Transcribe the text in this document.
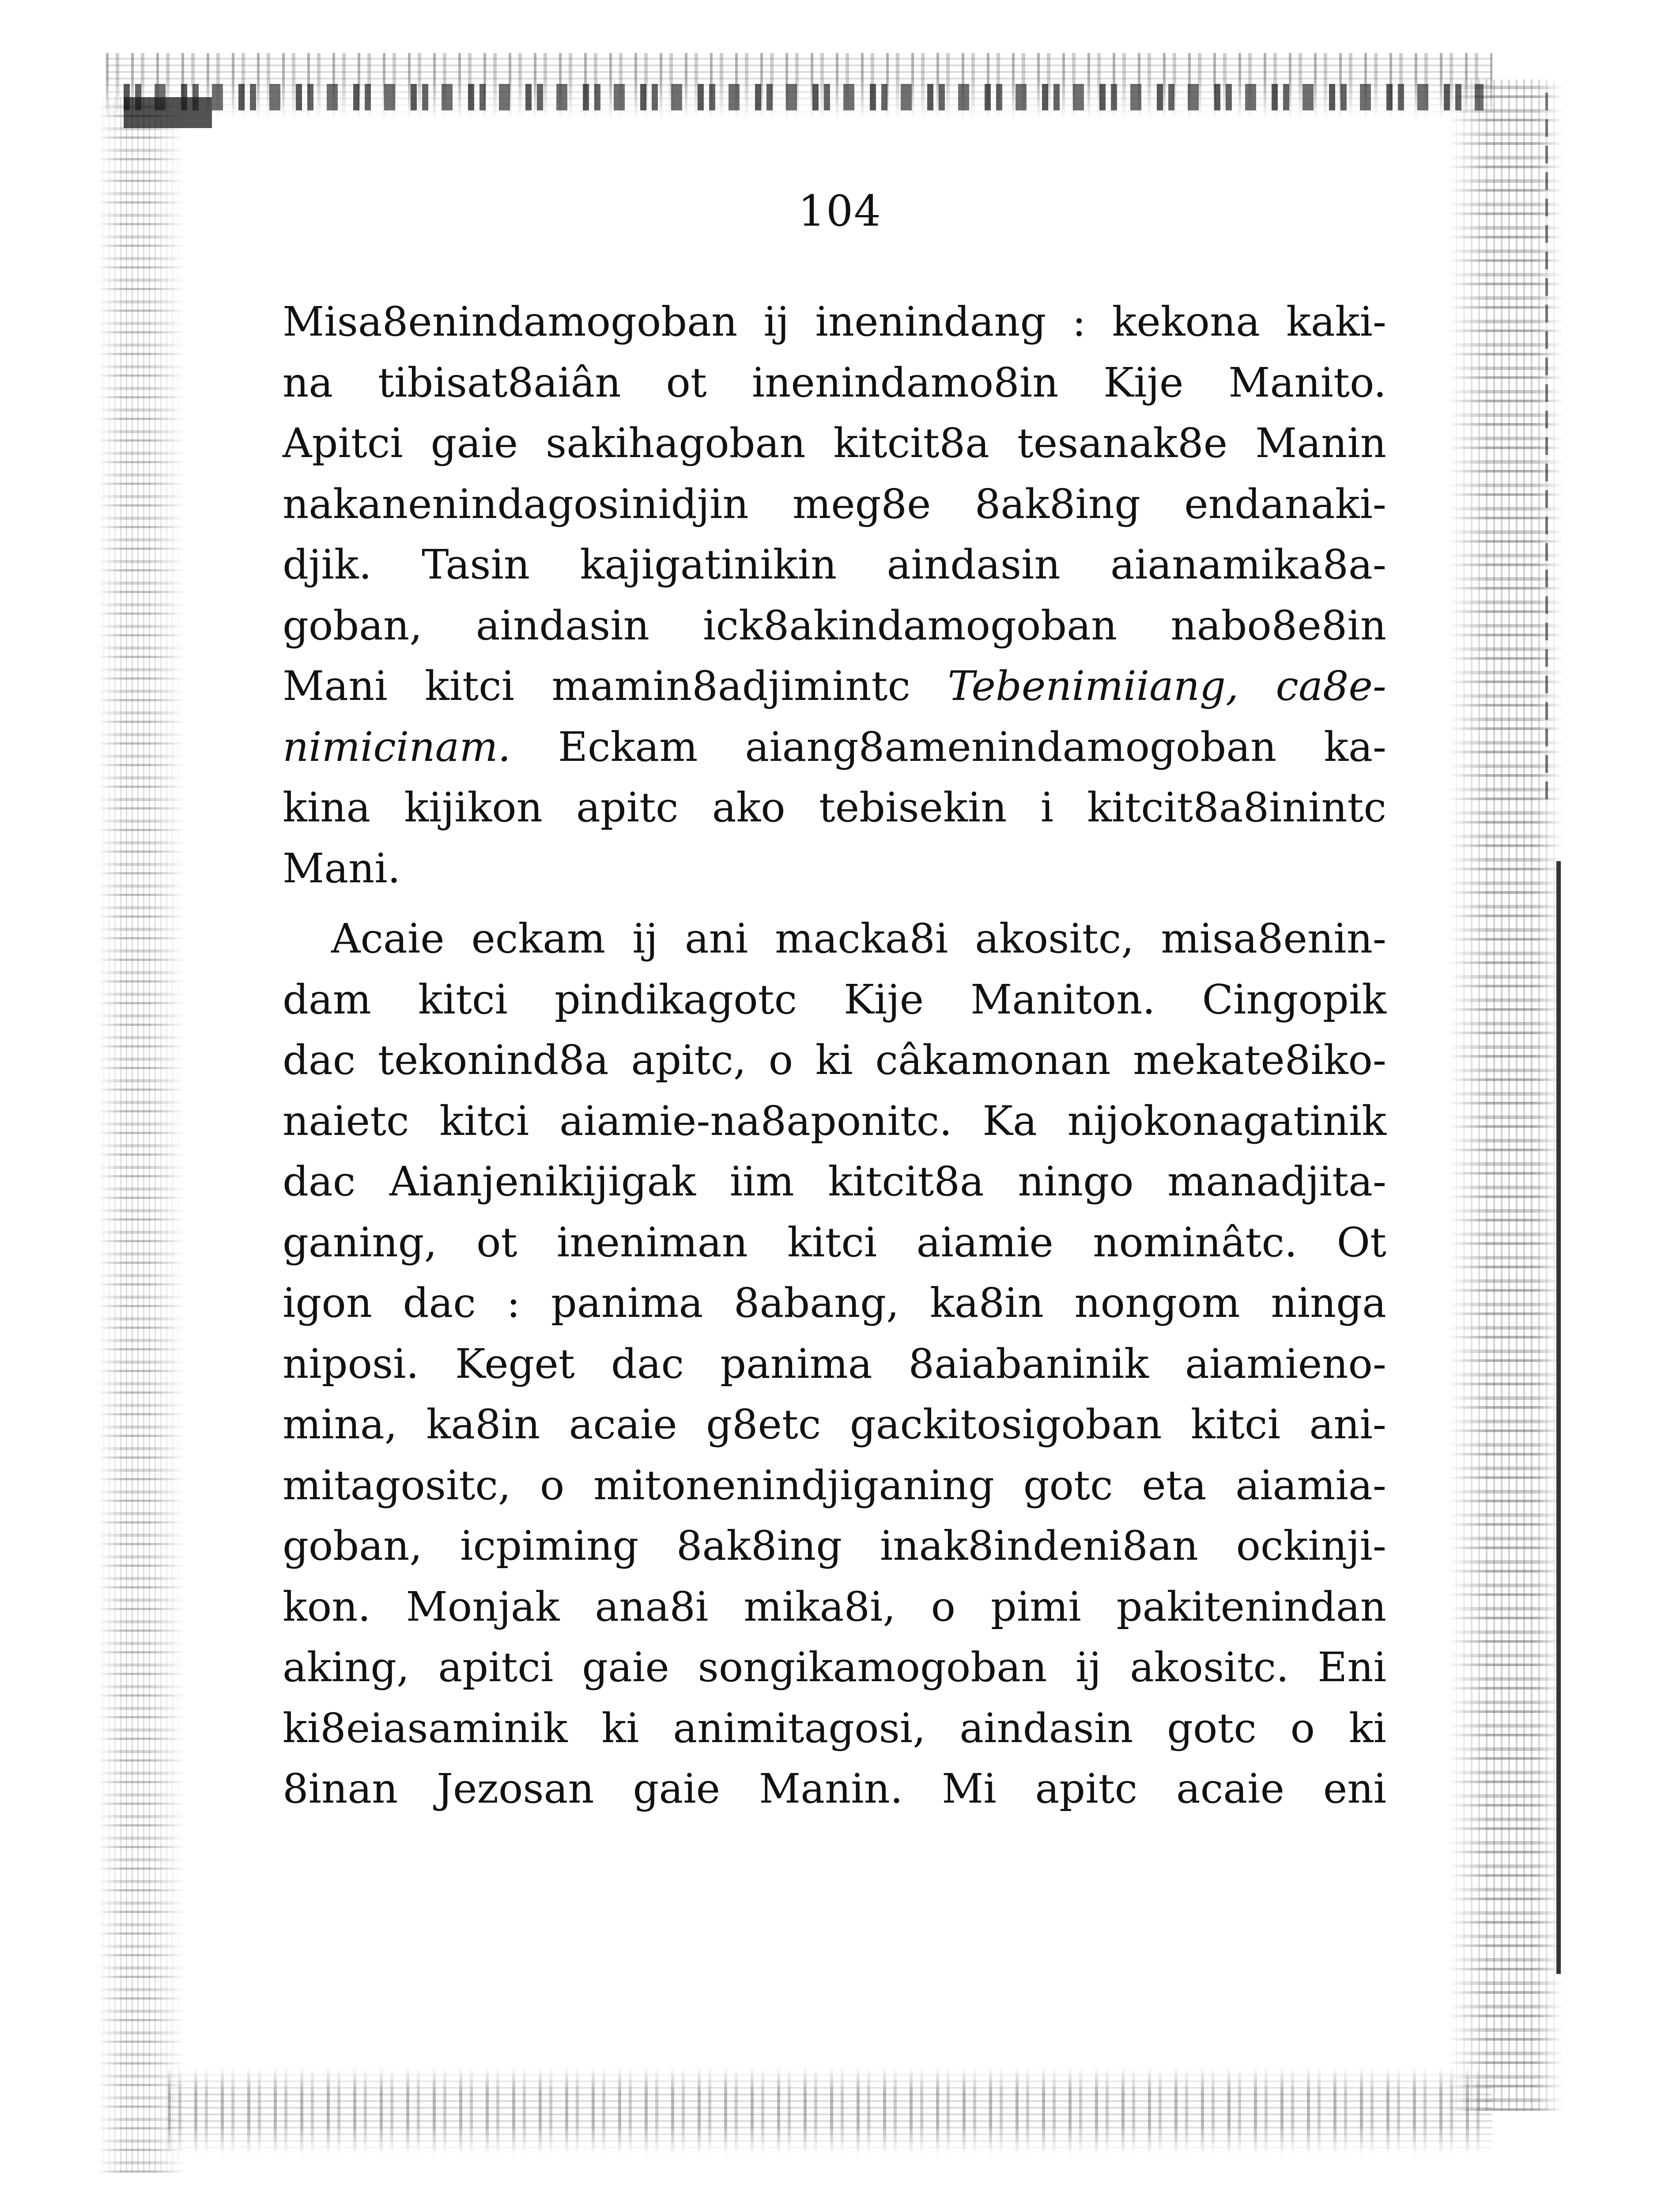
104
Misa8enindamogoban ij inenindang : kekona kaki-
na tibisat8aiân ot inenindamo8in Kije Manito.
Apitci gaie sakihagoban kitcit8a tesanak8e Manin
nakanenindagosinidjin meg8e 8ak8ing endanaki-
djik. Tasin kajigatinikin aindasin aianamika8a-
goban, aindasin ick8akindamogoban nabo8e8in
Mani kitci mamin8adjimintc Tebenimiiang, ca8e-
nimicinam. Eckam aiang8amenindamogoban ka-
kina kijikon apitc ako tebisekin i kitcit8a8inintc
Mani.
Acaie eckam ij ani macka8i akositc, misa8enin-
dam kitci pindikagotc Kije Maniton. Cingopik
dac tekonind8a apitc, o ki câkamonan mekate8iko-
naietc kitci aiamie-na8aponitc. Ka nijokonagatinik
dac Aianjenikijigak iim kitcit8a ningo manadjita-
ganing, ot ineniman kitci aiamie nominâtc. Ot
igon dac : panima 8abang, ka8in nongom ninga
niposi. Keget dac panima 8aiabaninik aiamieno-
mina, ka8in acaie g8etc gackitosigoban kitci ani-
mitagositc, o mitonenindjiganing gotc eta aiamia-
goban, icpiming 8ak8ing inak8indeni8an ockinji-
kon. Monjak ana8i mika8i, o pimi pakitenindan
aking, apitci gaie songikamogoban ij akositc. Eni
ki8eiasaminik ki animitagosi, aindasin gotc o ki
8inan Jezosan gaie Manin. Mi apitc acaie eni
